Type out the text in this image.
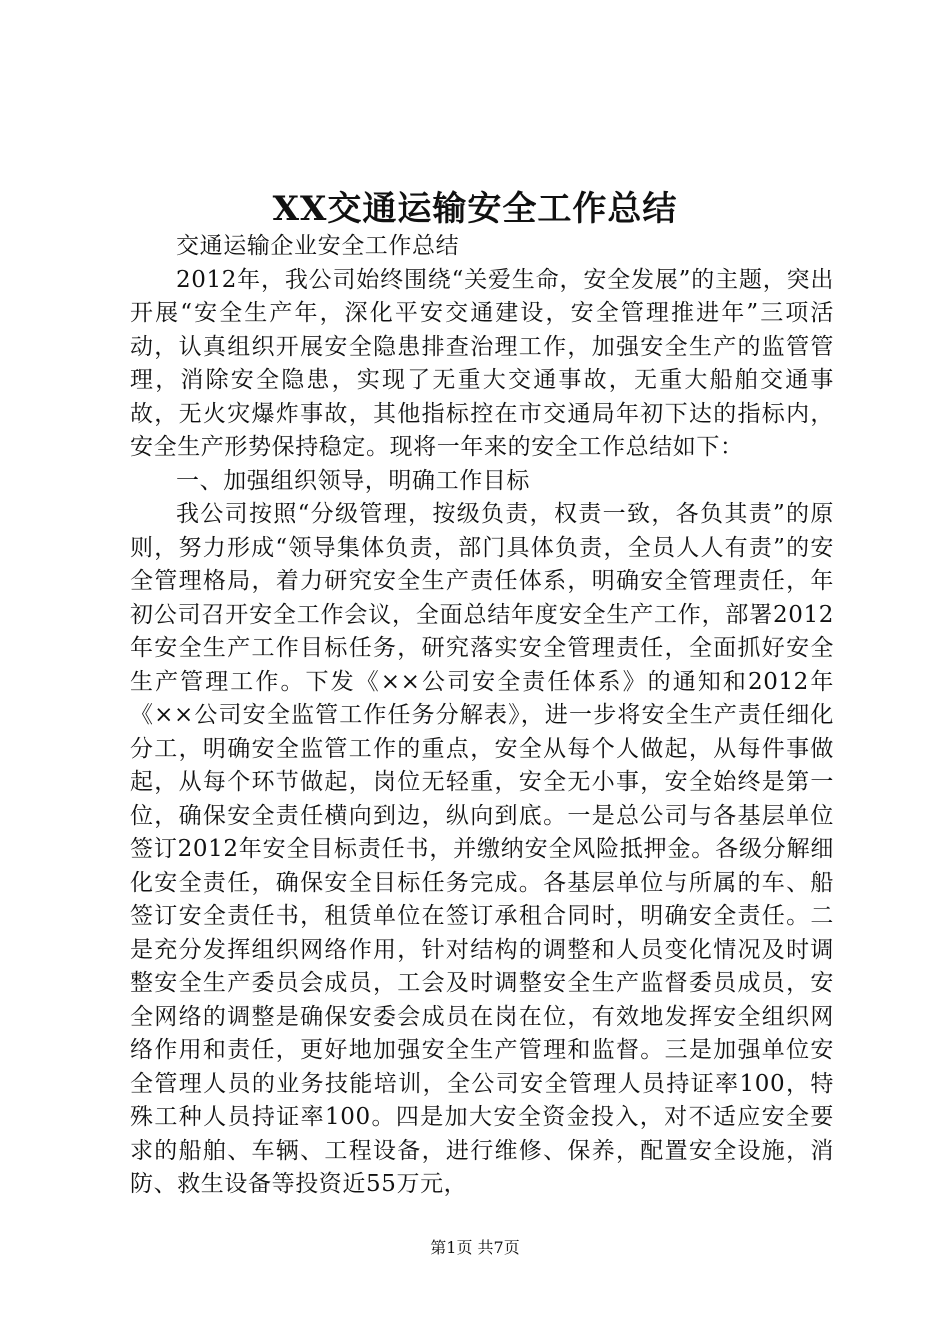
XX交通运输安全工作总结

交通运输企业安全工作总结

2012年，我公司始终围绕“关爱生命，安全发展”的主题，突出开展“安全生产年，深化平安交通建设，安全管理推进年”三项活动，认真组织开展安全隐患排查治理工作，加强安全生产的监管管理，消除安全隐患，实现了无重大交通事故，无重大船舶交通事故，无火灾爆炸事故，其他指标控在市交通局年初下达的指标内，安全生产形势保持稳定。现将一年来的安全工作总结如下：

一、加强组织领导，明确工作目标

我公司按照“分级管理，按级负责，权责一致，各负其责”的原则，努力形成“领导集体负责，部门具体负责，全员人人有责”的安全管理格局，着力研究安全生产责任体系，明确安全管理责任，年初公司召开安全工作会议，全面总结年度安全生产工作，部署2012年安全生产工作目标任务，研究落实安全管理责任，全面抓好安全生产管理工作。下发《××公司安全责任体系》的通知和2012年《××公司安全监管工作任务分解表》，进一步将安全生产责任细化分工，明确安全监管工作的重点，安全从每个人做起，从每件事做起，从每个环节做起，岗位无轻重，安全无小事，安全始终是第一位，确保安全责任横向到边，纵向到底。一是总公司与各基层单位签订2012年安全目标责任书，并缴纳安全风险抵押金。各级分解细化安全责任，确保安全目标任务完成。各基层单位与所属的车、船签订安全责任书，租赁单位在签订承租合同时，明确安全责任。二是充分发挥组织网络作用，针对结构的调整和人员变化情况及时调整安全生产委员会成员，工会及时调整安全生产监督委员成员，安全网络的调整是确保安委会成员在岗在位，有效地发挥安全组织网络作用和责任，更好地加强安全生产管理和监督。三是加强单位安全管理人员的业务技能培训，全公司安全管理人员持证率100，特殊工种人员持证率100。四是加大安全资金投入，对不适应安全要求的船舶、车辆、工程设备，进行维修、保养，配置安全设施，消防、救生设备等投资近55万元，

第1页 共7页
